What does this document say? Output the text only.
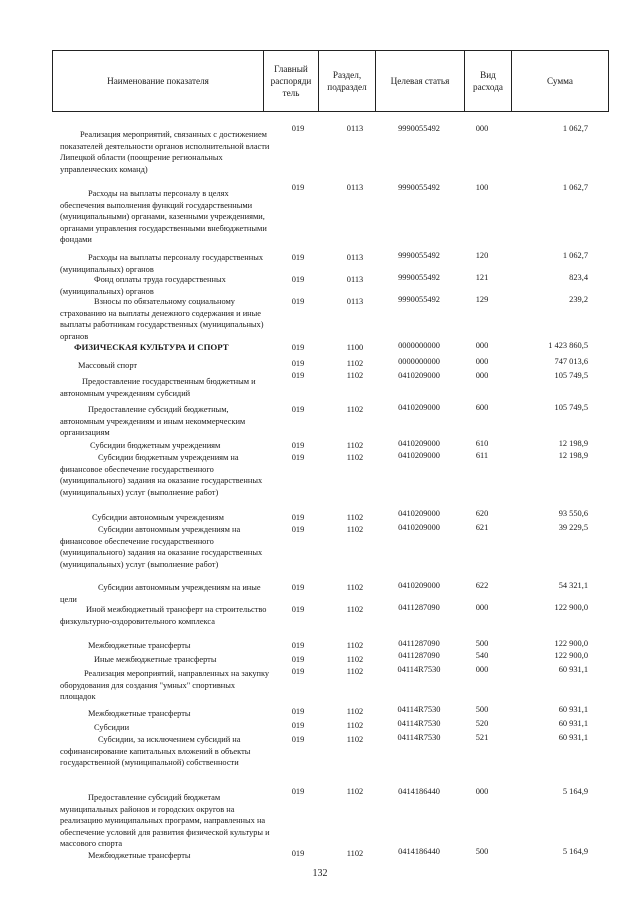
Наименование показателя
Главный распоряди тель
Раздел, подраздел
Целевая статья
Вид расхода
Сумма
Реализация мероприятий, связанных с достижением показателей деятельности органов исполнительной власти Липецкой области (поощрение региональных управленческих команд)
019	0113	9990055492	000	1 062,7
Расходы на выплаты персоналу в целях обеспечения выполнения функций государственными (муниципальными) органами, казенными учреждениями, органами управления государственными внебюджетными фондами
019	0113	9990055492	100	1 062,7
Расходы на выплаты персоналу государственных (муниципальных) органов
019	0113	9990055492	120	1 062,7
Фонд оплаты труда государственных (муниципальных) органов
019	0113	9990055492	121	823,4
Взносы по обязательному социальному страхованию на выплаты денежного содержания и иные выплаты работникам государственных (муниципальных) органов
019	0113	9990055492	129	239,2
ФИЗИЧЕСКАЯ КУЛЬТУРА И СПОРТ	019	1100	0000000000	000	1 423 860,5
Массовый спорт	019	1102	0000000000	000	747 013,6
Предоставление государственным бюджетным и автономным учреждениям субсидий
019	1102	0410209000	000	105 749,5
Предоставление субсидий бюджетным, автономным учреждениям и иным некоммерческим организациям
019	1102	0410209000	600	105 749,5
Субсидии бюджетным учреждениям	019	1102	0410209000	610	12 198,9
Субсидии бюджетным учреждениям на финансовое обеспечение государственного (муниципального) задания на оказание государственных (муниципальных) услуг (выполнение работ)
019	1102	0410209000	611	12 198,9
Субсидии автономным учреждениям	019	1102	0410209000	620	93 550,6
Субсидии автономным учреждениям на финансовое обеспечение государственного (муниципального) задания на оказание государственных (муниципальных) услуг (выполнение работ)
019	1102	0410209000	621	39 229,5
Субсидии автономным учреждениям на иные цели
019	1102	0410209000	622	54 321,1
Иной межбюджетный трансферт на строительство физкультурно-оздоровительного комплекса
019	1102	0411287090	000	122 900,0
Межбюджетные трансферты	019	1102	0411287090	500	122 900,0
Иные межбюджетные трансферты	019	1102	0411287090	540	122 900,0
Реализация мероприятий, направленных на закупку оборудования для создания "умных" спортивных площадок
019	1102	04114R7530	000	60 931,1
Межбюджетные трансферты	019	1102	04114R7530	500	60 931,1
Субсидии	019	1102	04114R7530	520	60 931,1
Субсидии, за исключением субсидий на софинансирование капитальных вложений в объекты государственной (муниципальной) собственности
019	1102	04114R7530	521	60 931,1
Предоставление субсидий бюджетам муниципальных районов и городских округов на реализацию муниципальных программ, направленных на обеспечение условий для развития физической культуры и массового спорта
019	1102	0414186440	000	5 164,9
Межбюджетные трансферты	019	1102	0414186440	500	5 164,9
132
